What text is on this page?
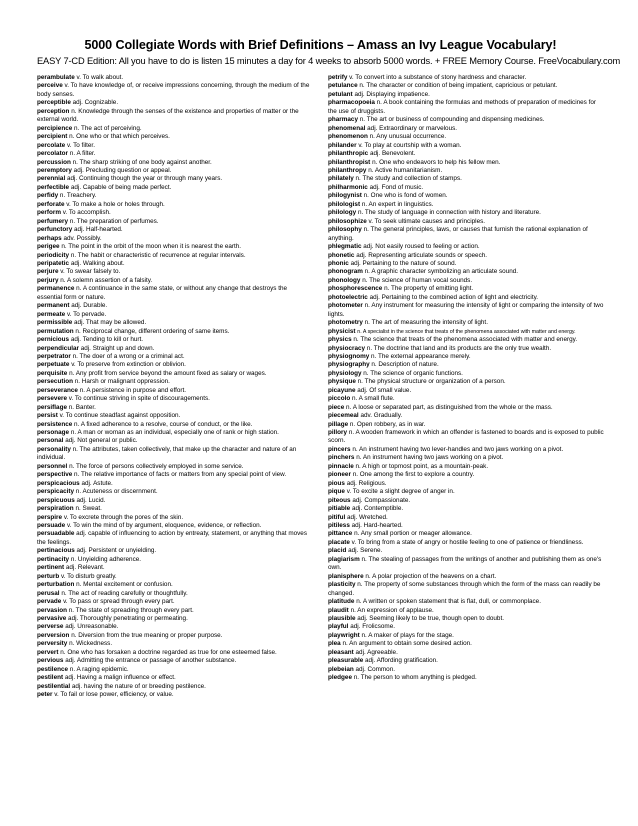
5000 Collegiate Words with Brief Definitions – Amass an Ivy League Vocabulary!

EASY 7-CD Edition: All you have to do is listen 15 minutes a day for 4 weeks to absorb 5000 words. + FREE Memory Course. FreeVocabulary.com

perambulate v. To walk about.

perceive v. To have knowledge of, or receive impressions concerning, through the medium of the body senses.

perceptible adj. Cognizable.

perception n. Knowledge through the senses of the existence and properties of matter or the external world.

percipience n. The act of perceiving.

percipient n. One who or that which perceives.

percolate v. To filter.

percolator n. A filter.

percussion n. The sharp striking of one body against another.

peremptory adj. Precluding question or appeal.

perennial adj. Continuing though the year or through many years.

perfectible adj. Capable of being made perfect.

perfidy n. Treachery.

perforate v. To make a hole or holes through.

perform v. To accomplish.

perfumery n. The preparation of perfumes.

perfunctory adj. Half-hearted.

perhaps adv. Possibly.

perigee n. The point in the orbit of the moon when it is nearest the earth.

periodicity n. The habit or characteristic of recurrence at regular intervals.

peripatetic adj. Walking about.

perjure v. To swear falsely to.

perjury n. A solemn assertion of a falsity.

permanence n. A continuance in the same state, or without any change that destroys the essential form or nature.

permanent adj. Durable.

permeate v. To pervade.

permissible adj. That may be allowed.

permutation n. Reciprocal change, different ordering of same items.

pernicious adj. Tending to kill or hurt.

perpendicular adj. Straight up and down.

perpetrator n. The doer of a wrong or a criminal act.

perpetuate v. To preserve from extinction or oblivion.

perquisite n. Any profit from service beyond the amount fixed as salary or wages.

persecution n. Harsh or malignant oppression.

perseverance n. A persistence in purpose and effort.

persevere v. To continue striving in spite of discouragements.

persiflage n. Banter.

persist v. To continue steadfast against opposition.

persistence n. A fixed adherence to a resolve, course of conduct, or the like.

personage n. A man or woman as an individual, especially one of rank or high station.

personal adj. Not general or public.

personality n. The attributes, taken collectively, that make up the character and nature of an individual.

personnel n. The force of persons collectively employed in some service.

perspective n. The relative importance of facts or matters from any special point of view.

perspicacious adj. Astute.

perspicacity n. Acuteness or discernment.

perspicuous adj. Lucid.

perspiration n. Sweat.

perspire v. To excrete through the pores of the skin.

persuade v. To win the mind of by argument, eloquence, evidence, or reflection.

persuadable adj. capable of influencing to action by entreaty, statement, or anything that moves the feelings.

pertinacious adj. Persistent or unyielding.

pertinacity n. Unyielding adherence.

pertinent adj. Relevant.

perturb v. To disturb greatly.

perturbation n. Mental excitement or confusion.

perusal n. The act of reading carefully or thoughtfully.

pervade v. To pass or spread through every part.

pervasion n. The state of spreading through every part.

pervasive adj. Thoroughly penetrating or permeating.

perverse adj. Unreasonable.

perversion n. Diversion from the true meaning or proper purpose.

perversity n. Wickedness.

pervert n. One who has forsaken a doctrine regarded as true for one esteemed false.

pervious adj. Admitting the entrance or passage of another substance.

pestilence n. A raging epidemic.

pestilent adj. Having a malign influence or effect.

pestilential adj. having the nature of or breeding pestilence.

peter v. To fail or lose power, efficiency, or value.

petrify v. To convert into a substance of stony hardness and character.

petulance n. The character or condition of being impatient, capricious or petulant.

petulant adj. Displaying impatience.

pharmacopoeia n. A book containing the formulas and methods of preparation of medicines for the use of druggists.

pharmacy n. The art or business of compounding and dispensing medicines.

phenomenal adj. Extraordinary or marvelous.

phenomenon n. Any unusual occurrence.

philander v. To play at courtship with a woman.

philanthropic adj. Benevolent.

philanthropist n. One who endeavors to help his fellow men.

philanthropy n. Active humanitarianism.

philately n. The study and collection of stamps.

philharmonic adj. Fond of music.

philogynist n. One who is fond of women.

philologist n. An expert in linguistics.

philology n. The study of language in connection with history and literature.

philosophize v. To seek ultimate causes and principles.

philosophy n. The general principles, laws, or causes that furnish the rational explanation of anything.

phlegmatic adj. Not easily roused to feeling or action.

phonetic adj. Representing articulate sounds or speech.

phonic adj. Pertaining to the nature of sound.

phonogram n. A graphic character symbolizing an articulate sound.

phonology n. The science of human vocal sounds.

phosphorescence n. The property of emitting light.

photoelectric adj. Pertaining to the combined action of light and electricity.

photometer n. Any instrument for measuring the intensity of light or comparing the intensity of two lights.

photometry n. The art of measuring the intensity of light.

physicist n. A specialist in the science that treats of the phenomena associated with matter and energy.

physics n. The science that treats of the phenomena associated with matter and energy.

physiocracy n. The doctrine that land and its products are the only true wealth.

physiognomy n. The external appearance merely.

physiography n. Description of nature.

physiology n. The science of organic functions.

physique n. The physical structure or organization of a person.

picayune adj. Of small value.

piccolo n. A small flute.

piece n. A loose or separated part, as distinguished from the whole or the mass.

piecemeal adv. Gradually.

pillage n. Open robbery, as in war.

pillory n. A wooden framework in which an offender is fastened to boards and is exposed to public scorn.

pincers n. An instrument having two lever-handles and two jaws working on a pivot.

pinchers n. An instrument having two jaws working on a pivot.

pinnacle n. A high or topmost point, as a mountain-peak.

pioneer n. One among the first to explore a country.

pious adj. Religious.

pique v. To excite a slight degree of anger in.

piteous adj. Compassionate.

pitiable adj. Contemptible.

pitiful adj. Wretched.

pitiless adj. Hard-hearted.

pittance n. Any small portion or meager allowance.

placate v. To bring from a state of angry or hostile feeling to one of patience or friendliness.

placid adj. Serene.

plagiarism n. The stealing of passages from the writings of another and publishing them as one's own.

planisphere n. A polar projection of the heavens on a chart.

plasticity n. The property of some substances through which the form of the mass can readily be changed.

platitude n. A written or spoken statement that is flat, dull, or commonplace.

plaudit n. An expression of applause.

plausible adj. Seeming likely to be true, though open to doubt.

playful adj. Frolicsome.

playwright n. A maker of plays for the stage.

plea n. An argument to obtain some desired action.

pleasant adj. Agreeable.

pleasurable adj. Affording gratification.

plebeian adj. Common.

pledgee n. The person to whom anything is pledged.
